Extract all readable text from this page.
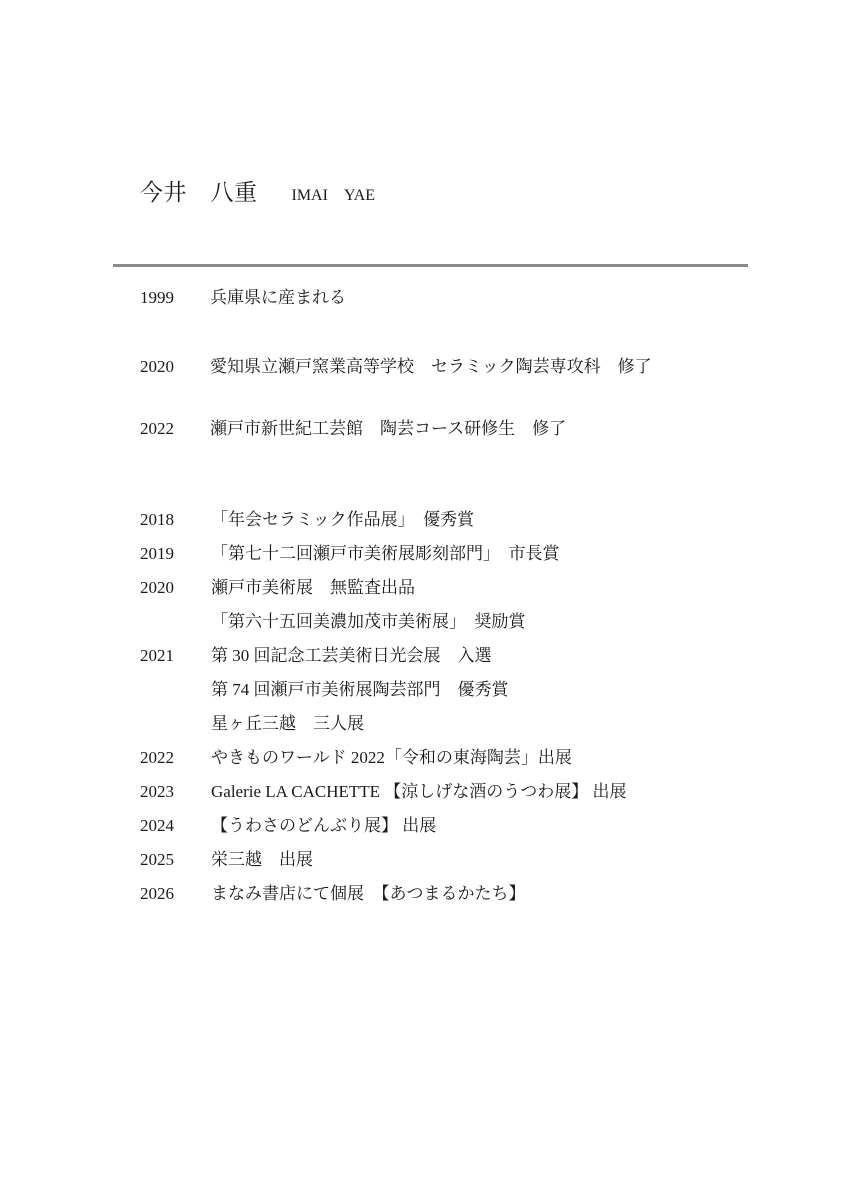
今井　八重 IMAI　YAE
1999 兵庫県に産まれる
2020 愛知県立瀬戸窯業高等学校　セラミック陶芸専攻科　修了
2022 瀬戸市新世紀工芸館　陶芸コース研修生　修了
2018 「年会セラミック作品展」　優秀賞
2019 「第七十二回瀬戸市美術展彫刻部門」　市長賞
2020 瀬戸市美術展　無監査出品
「第六十五回美濃加茂市美術展」　奨励賞
2021 第 30 回記念工芸美術日光会展　入選
第 74 回瀬戸市美術展陶芸部門　優秀賞
星ヶ丘三越　三人展
2022 やきものワールド 2022「令和の東海陶芸」出展
2023 Galerie LA CACHETTE 【涼しげな酒のうつわ展】 出展
2024 【うわさのどんぶり展】 出展
2025 栄三越　出展
2026 まなみ書店にて個展　【あつまるかたち】
